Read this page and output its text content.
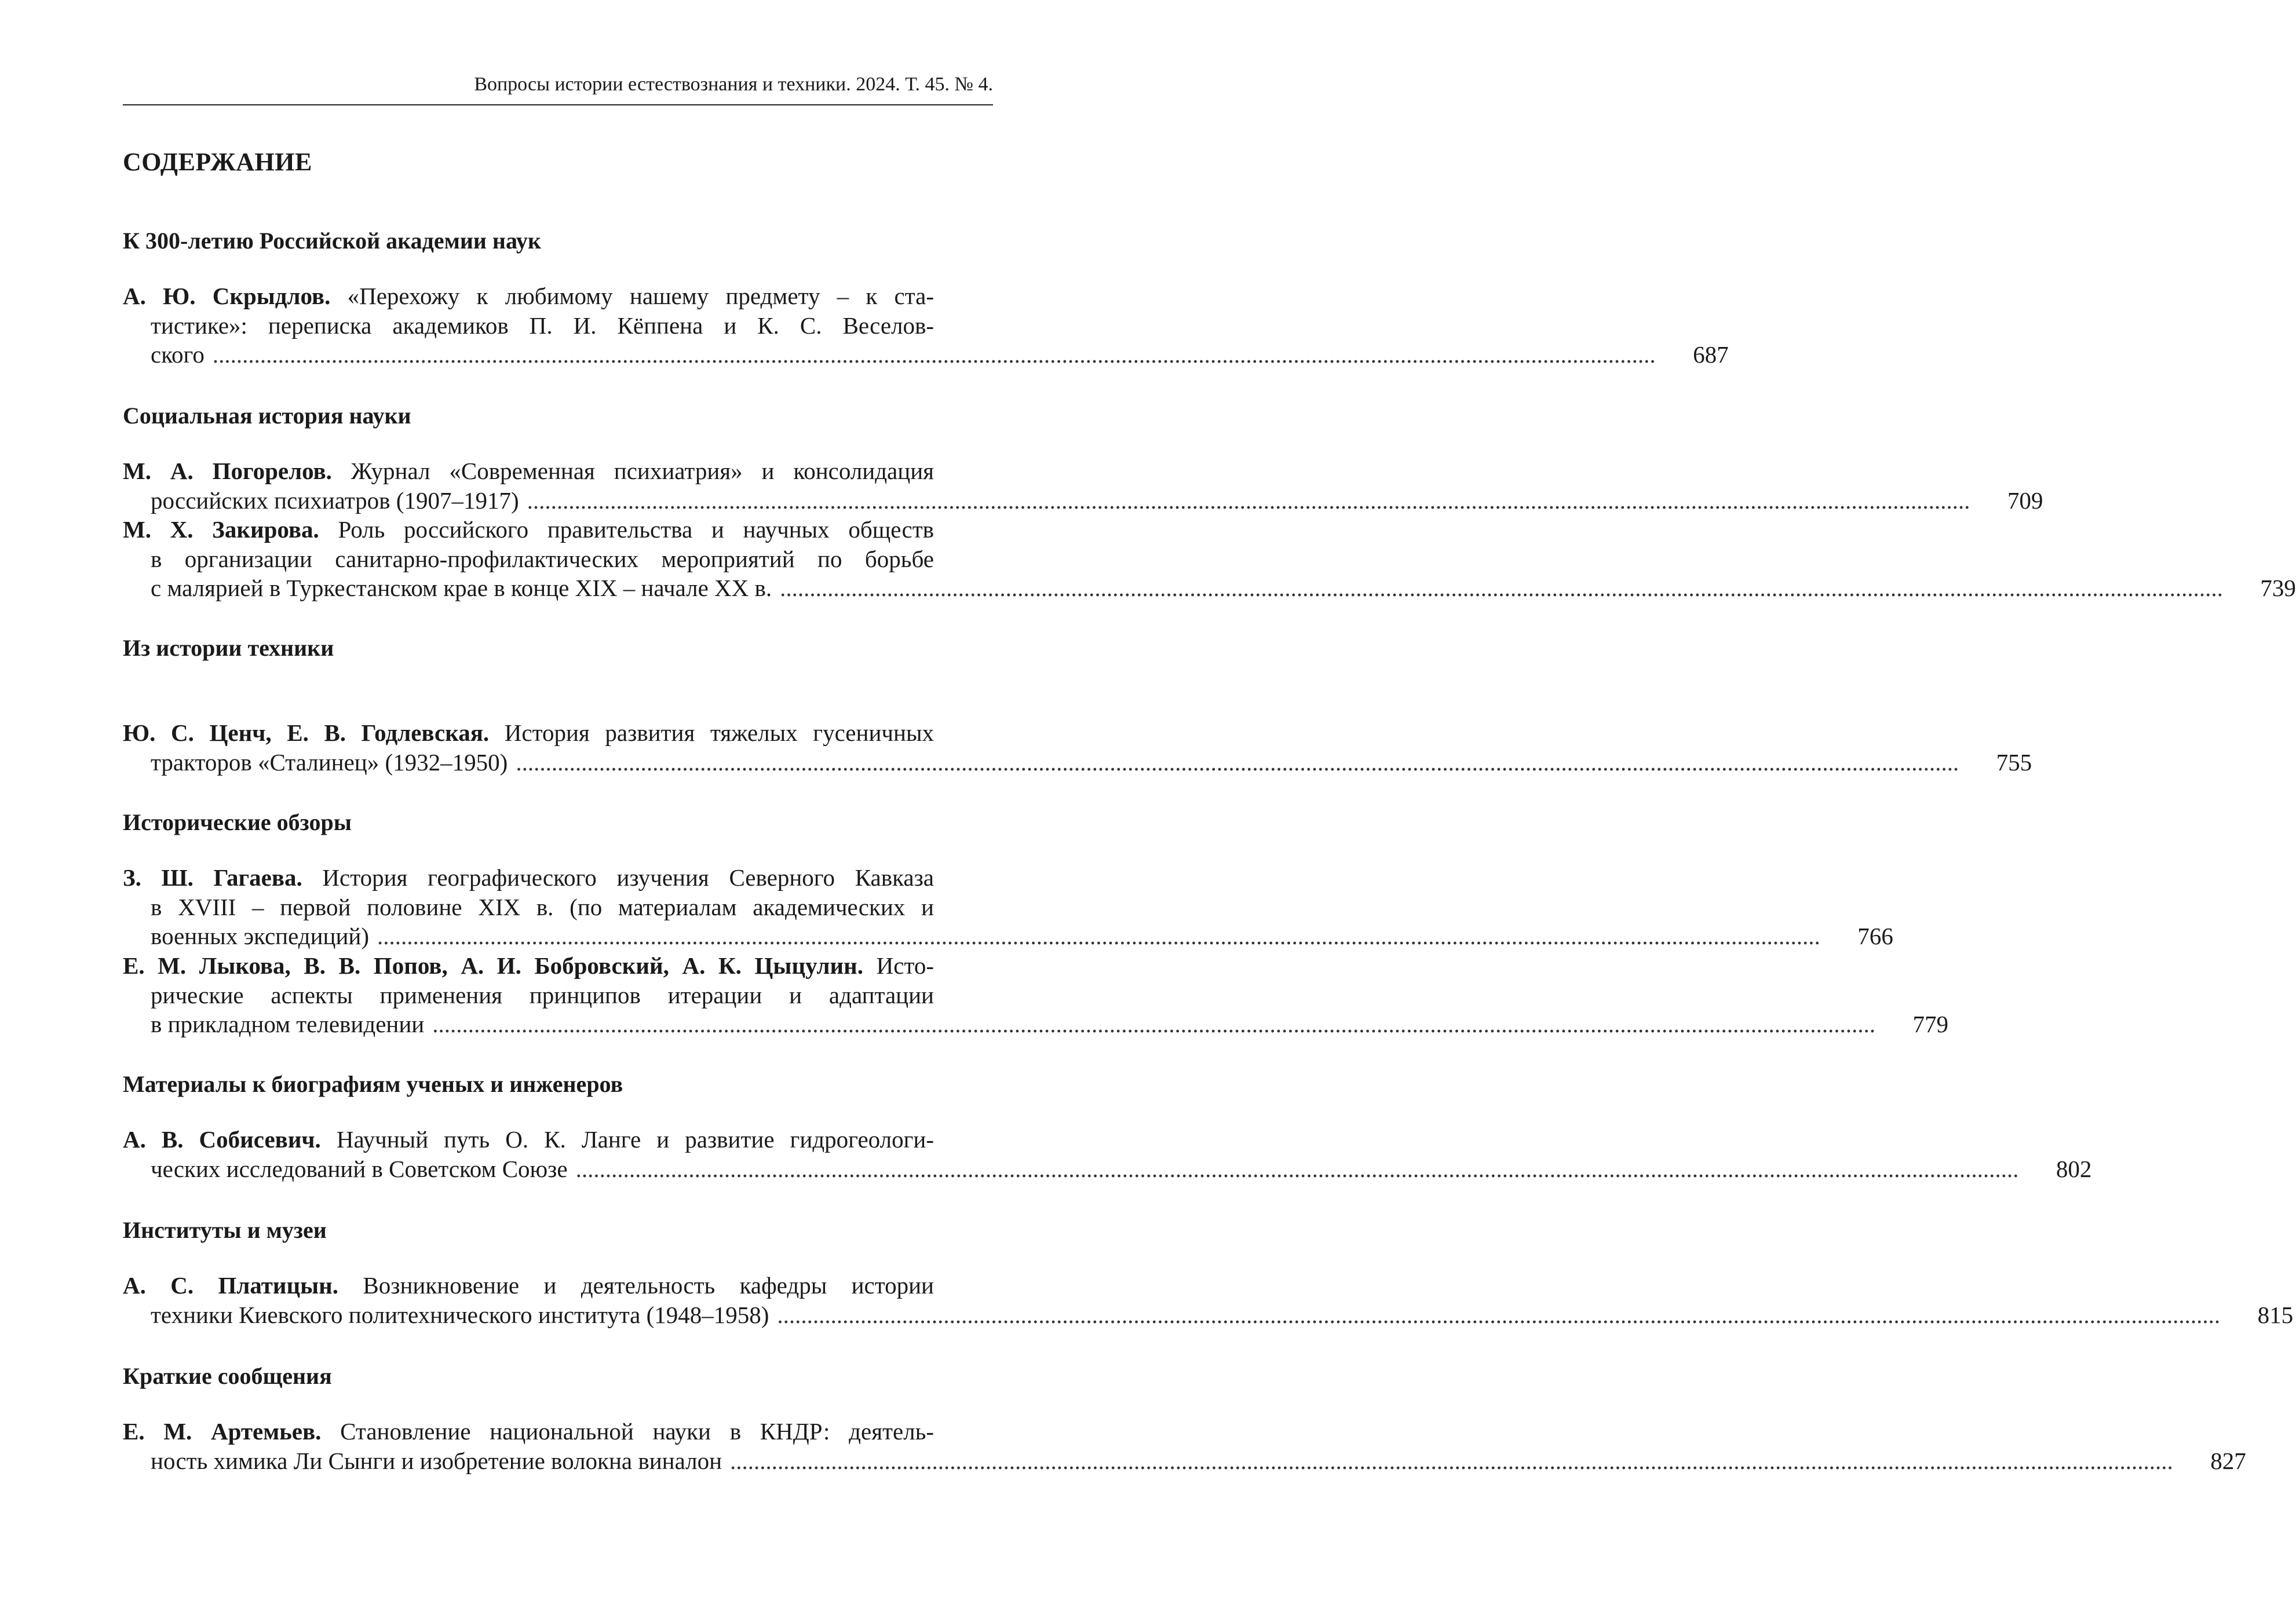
Вопросы истории естествознания и техники. 2024. Т. 45. № 4.
СОДЕРЖАНИЕ
К 300-летию Российской академии наук
А. Ю. Скрыдлов. «Перехожу к любимому нашему предмету – к ста-
тистике»: переписка академиков П. И. Кёппена и К. С. Веселов-
ского ...................................................................................................................................................................................................................................................	687
Социальная история науки
М. А. Погорелов. Журнал «Современная психиатрия» и консолидация
российских психиатров (1907–1917) ...................................................................................................................................................................................................................................................	709
М. Х. Закирова. Роль российского правительства и научных обществ
в организации санитарно-профилактических мероприятий по борьбе
с малярией в Туркестанском крае в конце XIX – начале XX в. ...................................................................................................................................................................................................................................................	739
Из истории техники
Ю. С. Ценч, Е. В. Годлевская. История развития тяжелых гусеничных
тракторов «Сталинец» (1932–1950) ...................................................................................................................................................................................................................................................	755
Исторические обзоры
З. Ш. Гагаева. История географического изучения Северного Кавказа
в XVIII – первой половине XIX в. (по материалам академических и
военных экспедиций) ...................................................................................................................................................................................................................................................	766
Е. М. Лыкова, В. В. Попов, А. И. Бобровский, А. К. Цыцулин. Исто-
рические аспекты применения принципов итерации и адаптации
в прикладном телевидении ...................................................................................................................................................................................................................................................	779
Материалы к биографиям ученых и инженеров
А. В. Собисевич. Научный путь О. К. Ланге и развитие гидрогеологи-
ческих исследований в Советском Союзе ...................................................................................................................................................................................................................................................	802
Институты и музеи
А. С. Платицын. Возникновение и деятельность кафедры истории
техники Киевского политехнического института (1948–1958) ...................................................................................................................................................................................................................................................	815
Краткие сообщения
Е. М. Артемьев. Становление национальной науки в КНДР: деятель-
ность химика Ли Сынги и изобретение волокна виналон ...................................................................................................................................................................................................................................................	827
